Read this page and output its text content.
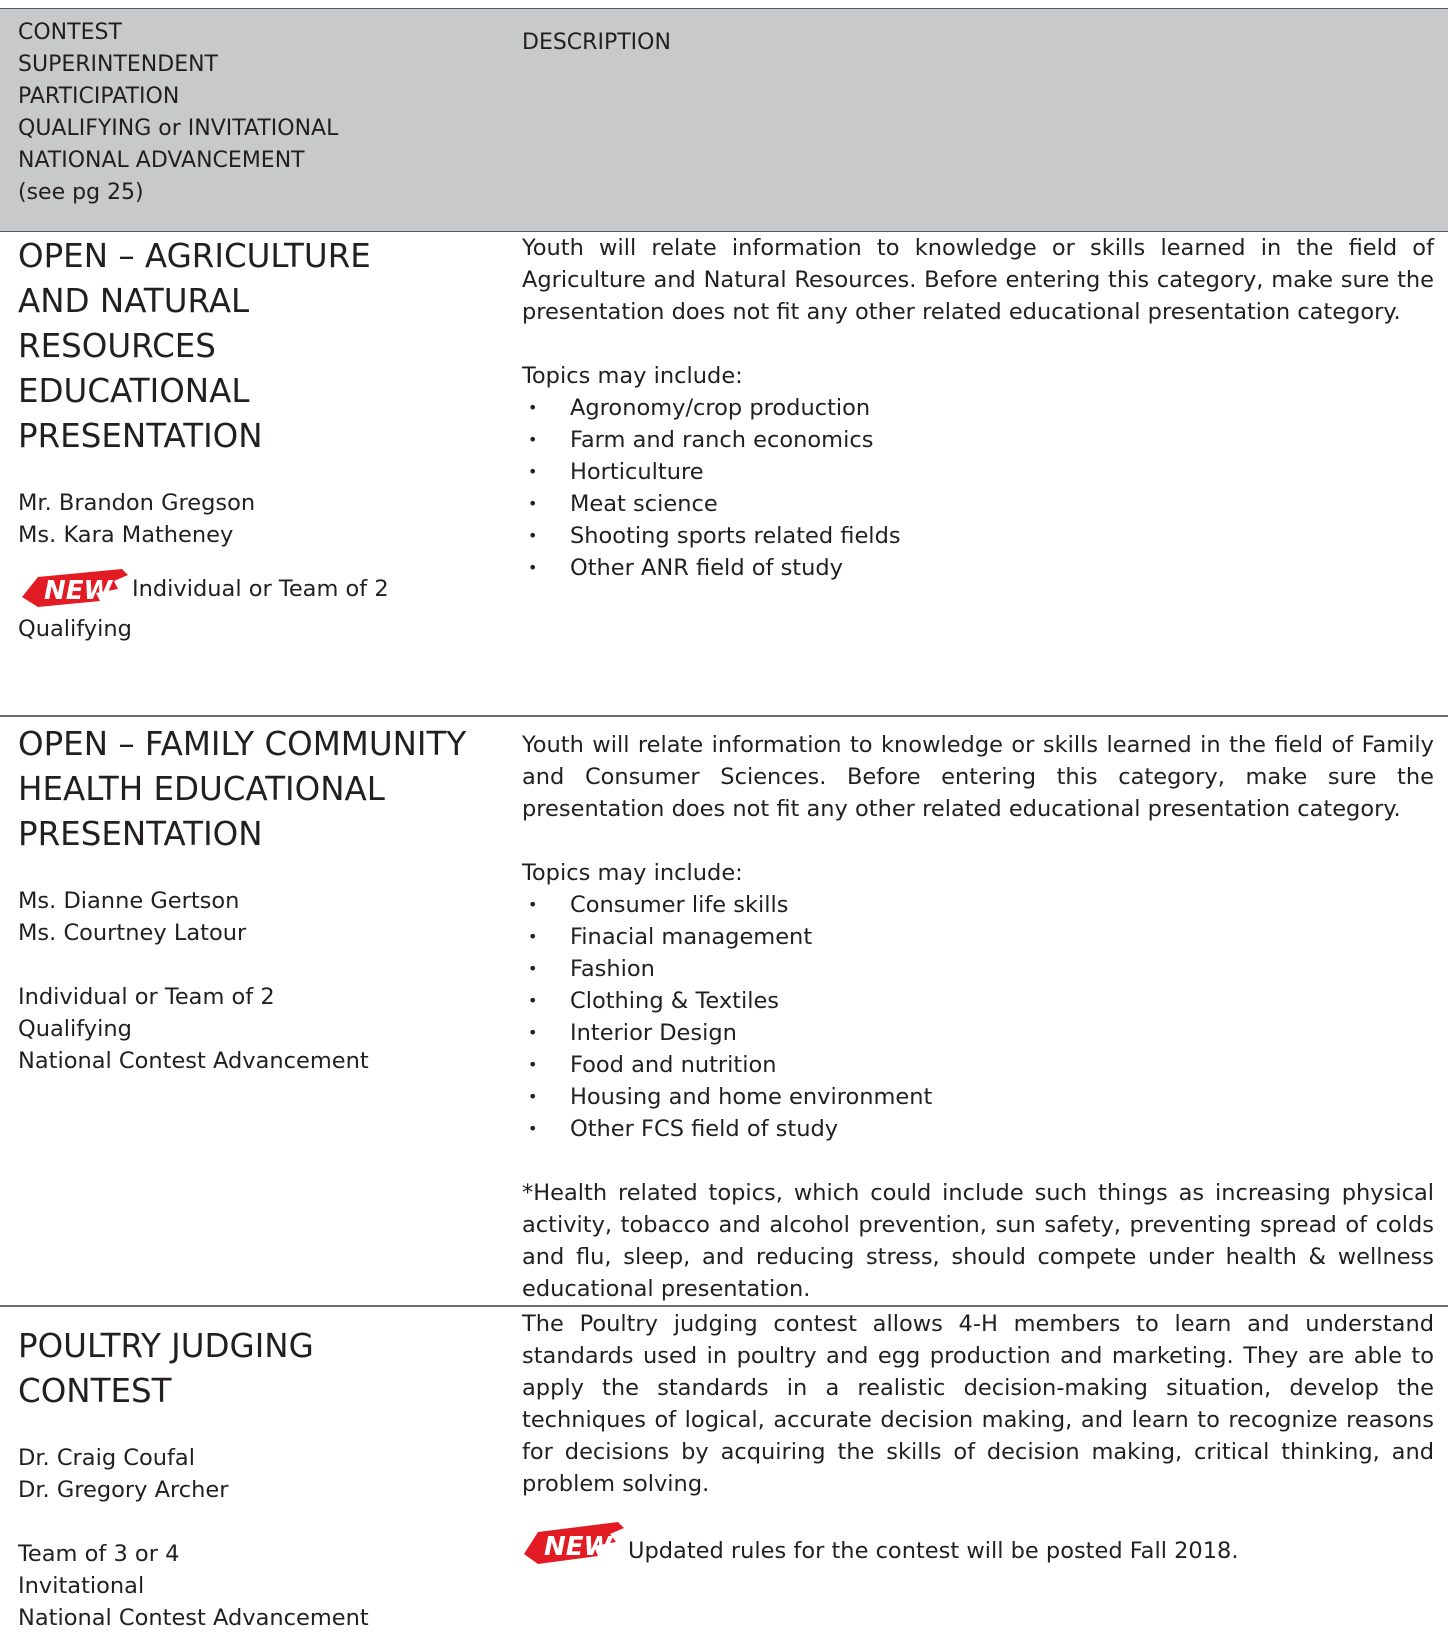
CONTEST
SUPERINTENDENT
PARTICIPATION
QUALIFYING or INVITATIONAL
NATIONAL ADVANCEMENT
(see pg 25)
DESCRIPTION
OPEN – AGRICULTURE
AND NATURAL
RESOURCES
EDUCATIONAL
PRESENTATION
Mr. Brandon Gregson
Ms. Kara Matheney
NEW Individual or Team of 2
Qualifying
Youth will relate information to knowledge or skills learned in the field of Agriculture and Natural Resources. Before entering this category, make sure the presentation does not fit any other related educational presentation category.
Topics may include:
• Agronomy/crop production
• Farm and ranch economics
• Horticulture
• Meat science
• Shooting sports related fields
• Other ANR field of study
OPEN – FAMILY COMMUNITY
HEALTH EDUCATIONAL
PRESENTATION
Ms. Dianne Gertson
Ms. Courtney Latour
Individual or Team of 2
Qualifying
National Contest Advancement
Youth will relate information to knowledge or skills learned in the field of Family and Consumer Sciences. Before entering this category, make sure the presentation does not fit any other related educational presentation category.
Topics may include:
• Consumer life skills
• Finacial management
• Fashion
• Clothing & Textiles
• Interior Design
• Food and nutrition
• Housing and home environment
• Other FCS field of study
*Health related topics, which could include such things as increasing physical activity, tobacco and alcohol prevention, sun safety, preventing spread of colds and flu, sleep, and reducing stress, should compete under health & wellness educational presentation.
POULTRY JUDGING
CONTEST
Dr. Craig Coufal
Dr. Gregory Archer
Team of 3 or 4
Invitational
National Contest Advancement
The Poultry judging contest allows 4-H members to learn and understand standards used in poultry and egg production and marketing. They are able to apply the standards in a realistic decision-making situation, develop the techniques of logical, accurate decision making, and learn to recognize reasons for decisions by acquiring the skills of decision making, critical thinking, and problem solving.
NEW Updated rules for the contest will be posted Fall 2018.
